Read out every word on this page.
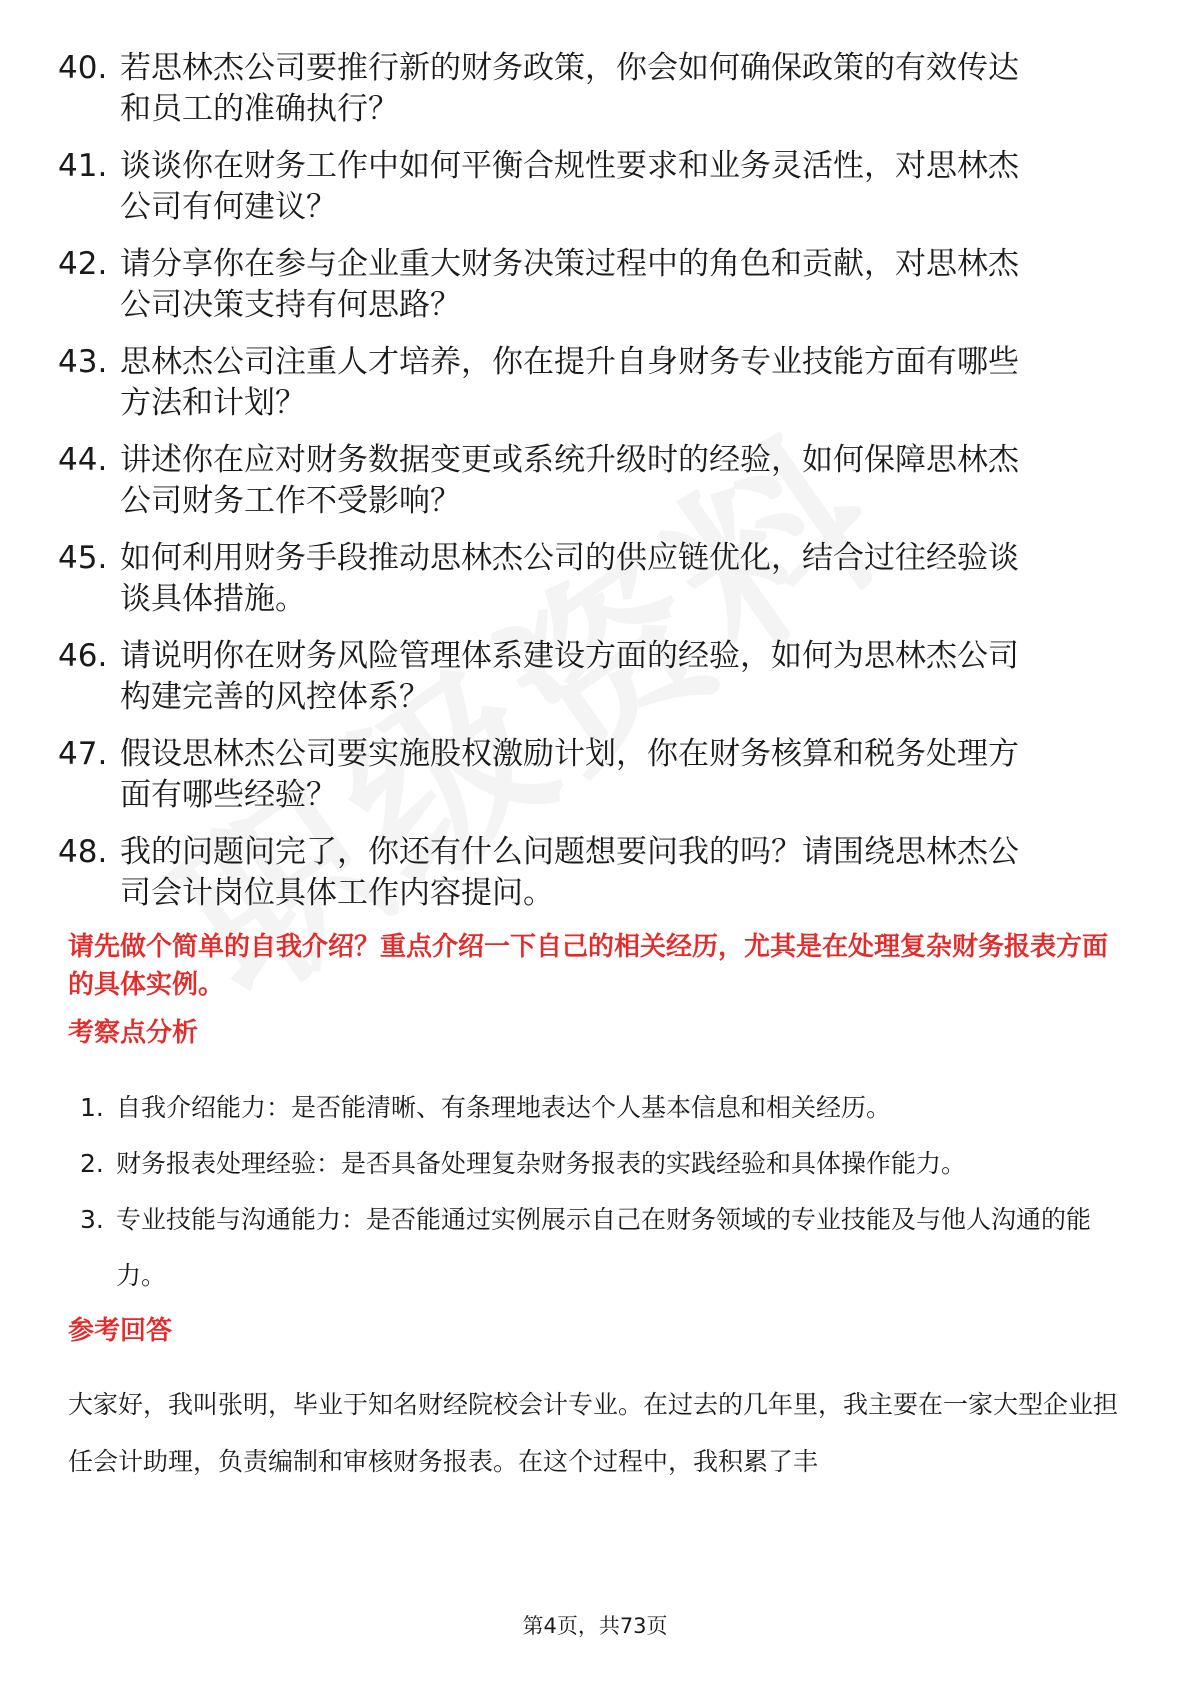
40. 若思林杰公司要推行新的财务政策，你会如何确保政策的有效传达和员工的准确执行？
41. 谈谈你在财务工作中如何平衡合规性要求和业务灵活性，对思林杰公司有何建议？
42. 请分享你在参与企业重大财务决策过程中的角色和贡献，对思林杰公司决策支持有何思路？
43. 思林杰公司注重人才培养，你在提升自身财务专业技能方面有哪些方法和计划？
44. 讲述你在应对财务数据变更或系统升级时的经验，如何保障思林杰公司财务工作不受影响？
45. 如何利用财务手段推动思林杰公司的供应链优化，结合过往经验谈谈具体措施。
46. 请说明你在财务风险管理体系建设方面的经验，如何为思林杰公司构建完善的风控体系？
47. 假设思林杰公司要实施股权激励计划，你在财务核算和税务处理方面有哪些经验？
48. 我的问题问完了，你还有什么问题想要问我的吗？请围绕思林杰公司会计岗位具体工作内容提问。

请先做个简单的自我介绍？重点介绍一下自己的相关经历，尤其是在处理复杂财务报表方面的具体实例。

考察点分析
1. 自我介绍能力：是否能清晰、有条理地表达个人基本信息和相关经历。
2. 财务报表处理经验：是否具备处理复杂财务报表的实践经验和具体操作能力。
3. 专业技能与沟通能力：是否能通过实例展示自己在财务领域的专业技能及与他人沟通的能力。
参考回答

大家好，我叫张明，毕业于知名财经院校会计专业。在过去的几年里，我主要在一家大型企业担任会计助理，负责编制和审核财务报表。在这个过程中，我积累了丰

第4页，共73页
